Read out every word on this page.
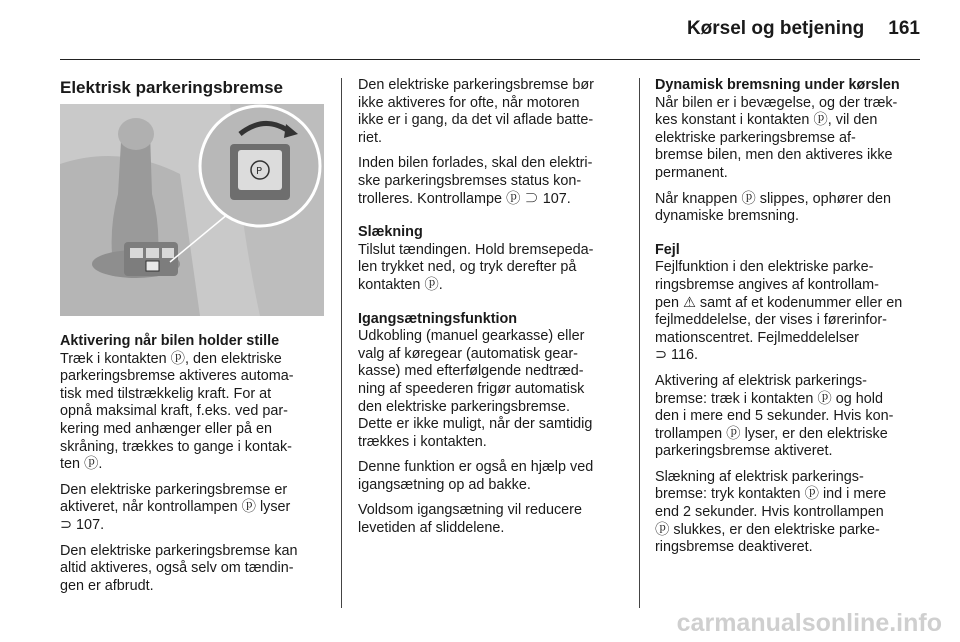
Kørsel og betjening 161
Elektrisk parkeringsbremse
P
Aktivering når bilen holder stille

Træk i kontakten ⓟ, den elektriske
parkeringsbremse aktiveres automa-
tisk med tilstrækkelig kraft. For at
opnå maksimal kraft, f.eks. ved par-
kering med anhænger eller på en
skråning, trækkes to gange i kontak-
ten ⓟ.

Den elektriske parkeringsbremse er
aktiveret, når kontrollampen ⓟ lyser
⊃ 107.

Den elektriske parkeringsbremse kan
altid aktiveres, også selv om tændin-
gen er afbrudt.

Den elektriske parkeringsbremse bør
ikke aktiveres for ofte, når motoren
ikke er i gang, da det vil aflade batte-
riet.

Inden bilen forlades, skal den elektri-
ske parkeringsbremses status kon-
trolleres. Kontrollampe ⓟ ⊃ 107.

Slækning

Tilslut tændingen. Hold bremsepeda-
len trykket ned, og tryk derefter på
kontakten ⓟ.

Igangsætningsfunktion

Udkobling (manuel gearkasse) eller
valg af køregear (automatisk gear-
kasse) med efterfølgende nedtræd-
ning af speederen frigør automatisk
den elektriske parkeringsbremse.
Dette er ikke muligt, når der samtidig
trækkes i kontakten.

Denne funktion er også en hjælp ved
igangsætning op ad bakke.

Voldsom igangsætning vil reducere
levetiden af sliddelene.

Dynamisk bremsning under kørslen

Når bilen er i bevægelse, og der træk-
kes konstant i kontakten ⓟ, vil den
elektriske parkeringsbremse af-
bremse bilen, men den aktiveres ikke
permanent.

Når knappen ⓟ slippes, ophører den
dynamiske bremsning.

Fejl

Fejlfunktion i den elektriske parke-
ringsbremse angives af kontrollam-
pen ⚠ samt af et kodenummer eller en
fejlmeddelelse, der vises i førerinfor-
mationscentret. Fejlmeddelelser
⊃ 116.

Aktivering af elektrisk parkerings-
bremse: træk i kontakten ⓟ og hold
den i mere end 5 sekunder. Hvis kon-
trollampen ⓟ lyser, er den elektriske
parkeringsbremse aktiveret.

Slækning af elektrisk parkerings-
bremse: tryk kontakten ⓟ ind i mere
end 2 sekunder. Hvis kontrollampen
ⓟ slukkes, er den elektriske parke-
ringsbremse deaktiveret.

carmanualsonline.info
